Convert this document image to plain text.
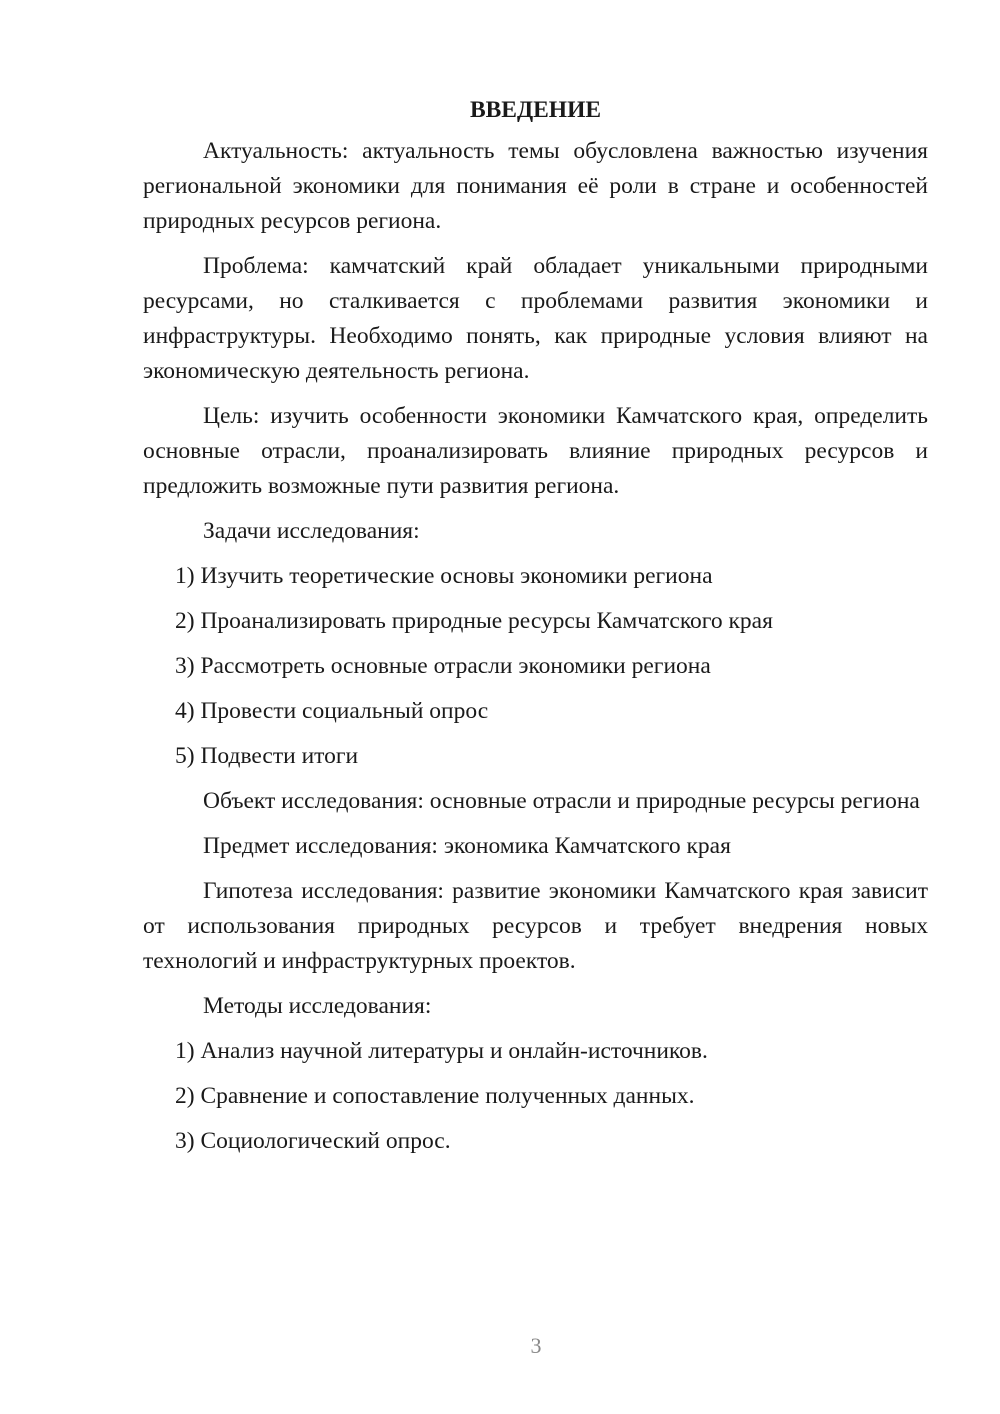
ВВЕДЕНИЕ

Актуальность: актуальность темы обусловлена важностью изучения региональной экономики для понимания её роли в стране и особенностей природных ресурсов региона.

Проблема: камчатский край обладает уникальными природными ресурсами, но сталкивается с проблемами развития экономики и инфраструктуры. Необходимо понять, как природные условия влияют на экономическую деятельность региона.

Цель: изучить особенности экономики Камчатского края, определить основные отрасли, проанализировать влияние природных ресурсов и предложить возможные пути развития региона.

Задачи исследования:

1) Изучить теоретические основы экономики региона
2) Проанализировать природные ресурсы Камчатского края
3) Рассмотреть основные отрасли экономики региона
4) Провести социальный опрос
5) Подвести итоги

Объект исследования: основные отрасли и природные ресурсы региона

Предмет исследования: экономика Камчатского края

Гипотеза исследования: развитие экономики Камчатского края зависит от использования природных ресурсов и требует внедрения новых технологий и инфраструктурных проектов.

Методы исследования:

1) Анализ научной литературы и онлайн-источников.
2) Сравнение и сопоставление полученных данных.
3) Социологический опрос.
3
